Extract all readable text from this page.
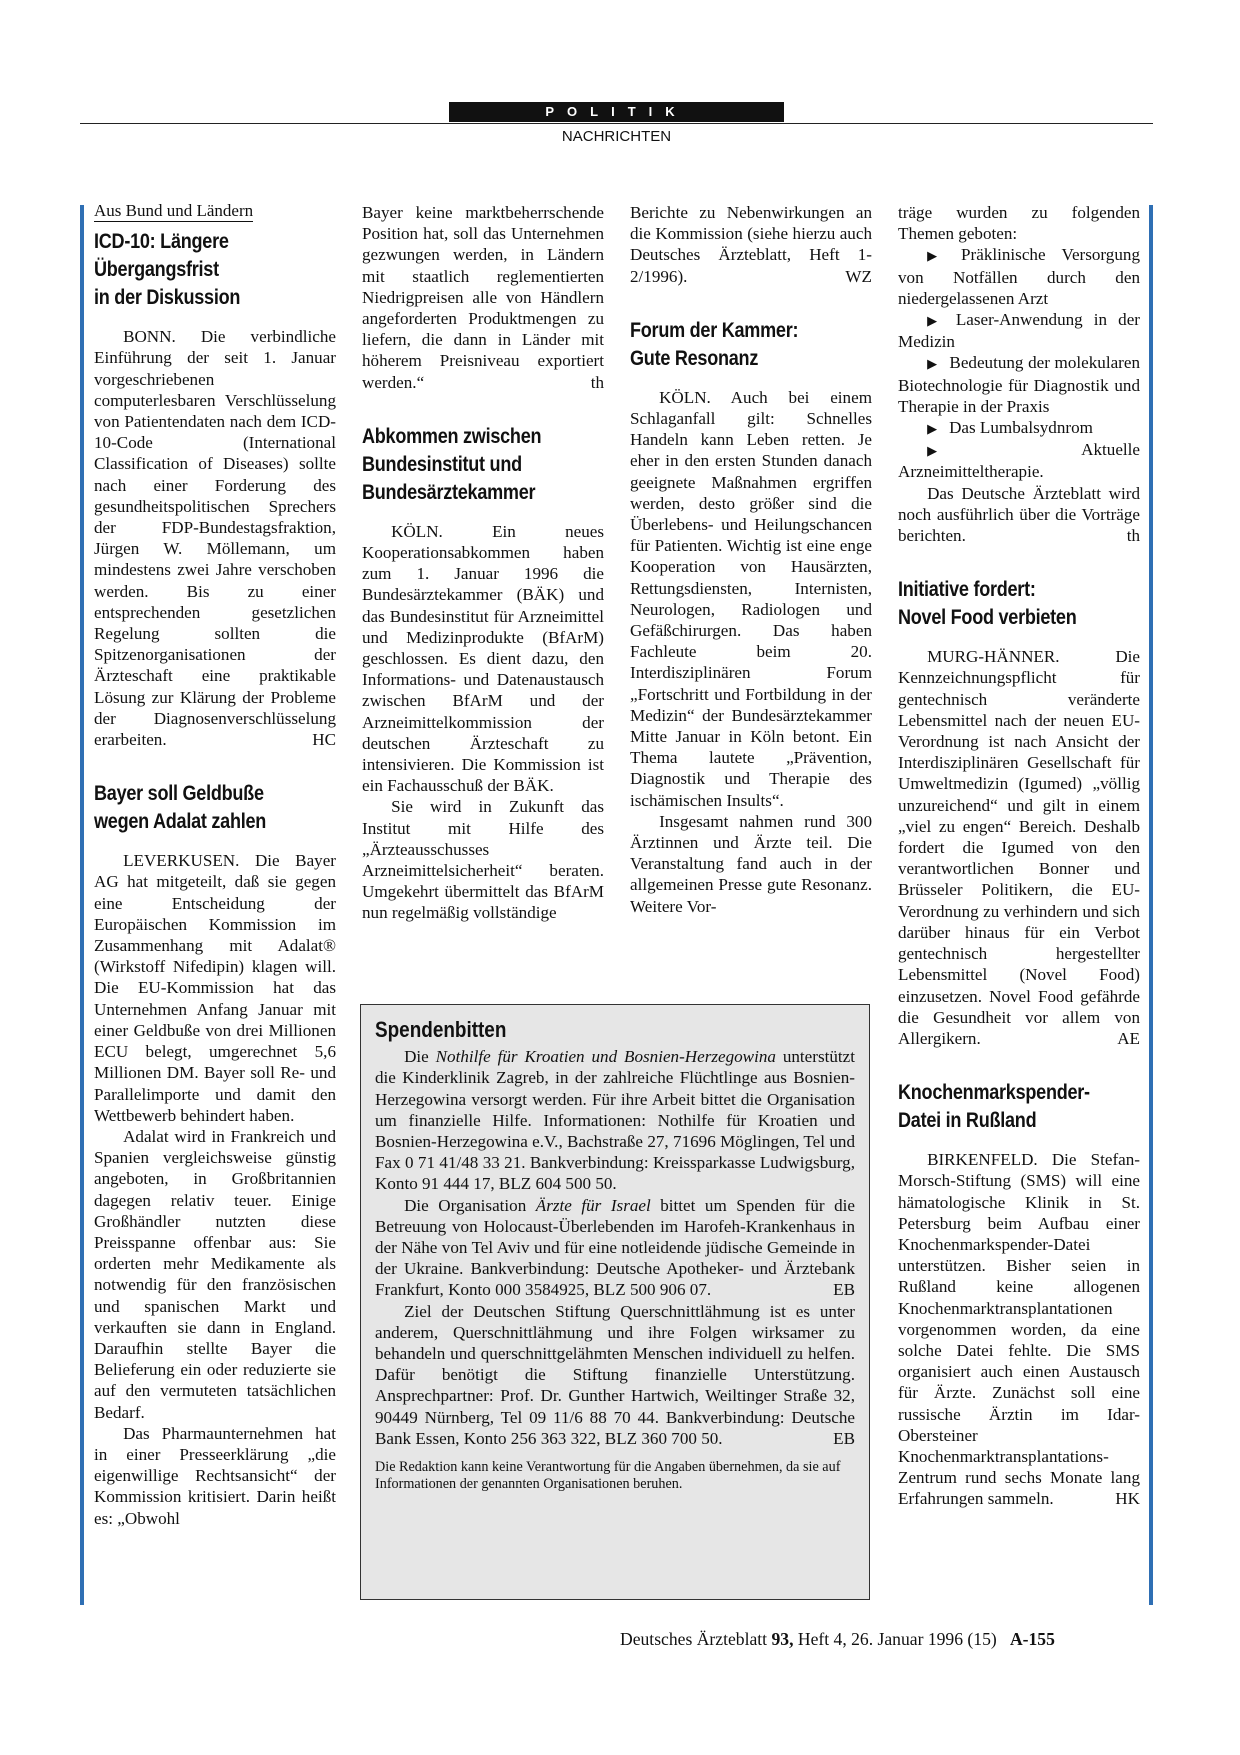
POLITIK
NACHRICHTEN
Aus Bund und Ländern
ICD-10: Längere
Übergangsfrist
in der Diskussion

BONN. Die verbindliche Einführung der seit 1. Januar vorgeschriebenen computerlesbaren Verschlüsselung von Patientendaten nach dem ICD-10-Code (International Classification of Diseases) sollte nach einer Forderung des gesundheitspolitischen Sprechers der FDP-Bundestagsfraktion, Jürgen W. Möllemann, um mindestens zwei Jahre verschoben werden. Bis zu einer entsprechenden gesetzlichen Regelung sollten die Spitzenorganisationen der Ärzteschaft eine praktikable Lösung zur Klärung der Probleme der Diagnosenverschlüsselung erarbeiten.	HC

Bayer soll Geldbuße
wegen Adalat zahlen

LEVERKUSEN. Die Bayer AG hat mitgeteilt, daß sie gegen eine Entscheidung der Europäischen Kommission im Zusammenhang mit Adalat® (Wirkstoff Nifedipin) klagen will. Die EU-Kommission hat das Unternehmen Anfang Januar mit einer Geldbuße von drei Millionen ECU belegt, umgerechnet 5,6 Millionen DM. Bayer soll Re- und Parallelimporte und damit den Wettbewerb behindert haben.

Adalat wird in Frankreich und Spanien vergleichsweise günstig angeboten, in Großbritannien dagegen relativ teuer. Einige Großhändler nutzten diese Preisspanne offenbar aus: Sie orderten mehr Medikamente als notwendig für den französischen und spanischen Markt und verkauften sie dann in England. Daraufhin stellte Bayer die Belieferung ein oder reduzierte sie auf den vermuteten tatsächlichen Bedarf.

Das Pharmaunternehmen hat in einer Presseerklärung „die eigenwillige Rechtsansicht“ der Kommission kritisiert. Darin heißt es: „Obwohl

Bayer keine marktbeherrschende Position hat, soll das Unternehmen gezwungen werden, in Ländern mit staatlich reglementierten Niedrigpreisen alle von Händlern angeforderten Produktmengen zu liefern, die dann in Länder mit höherem Preisniveau exportiert werden.“	th

Abkommen zwischen
Bundesinstitut und
Bundesärztekammer

KÖLN. Ein neues Kooperationsabkommen haben zum 1. Januar 1996 die Bundesärztekammer (BÄK) und das Bundesinstitut für Arzneimittel und Medizinprodukte (BfArM) geschlossen. Es dient dazu, den Informations- und Datenaustausch zwischen BfArM und der Arzneimittelkommission der deutschen Ärzteschaft zu intensivieren. Die Kommission ist ein Fachausschuß der BÄK.

Sie wird in Zukunft das Institut mit Hilfe des „Ärzteausschusses Arzneimittelsicherheit“ beraten. Umgekehrt übermittelt das BfArM nun regelmäßig vollständige

Berichte zu Nebenwirkungen an die Kommission (siehe hierzu auch Deutsches Ärzteblatt, Heft 1-2/1996).	WZ

Forum der Kammer:
Gute Resonanz

KÖLN. Auch bei einem Schlaganfall gilt: Schnelles Handeln kann Leben retten. Je eher in den ersten Stunden danach geeignete Maßnahmen ergriffen werden, desto größer sind die Überlebens- und Heilungschancen für Patienten. Wichtig ist eine enge Kooperation von Hausärzten, Rettungsdiensten, Internisten, Neurologen, Radiologen und Gefäßchirurgen. Das haben Fachleute beim 20. Interdisziplinären Forum „Fortschritt und Fortbildung in der Medizin“ der Bundesärztekammer Mitte Januar in Köln betont. Ein Thema lautete „Prävention, Diagnostik und Therapie des ischämischen Insults“.

Insgesamt nahmen rund 300 Ärztinnen und Ärzte teil. Die Veranstaltung fand auch in der allgemeinen Presse gute Resonanz. Weitere Vor-

träge wurden zu folgenden Themen geboten:

▶ Präklinische Versorgung von Notfällen durch den niedergelassenen Arzt

▶ Laser-Anwendung in der Medizin

▶ Bedeutung der molekularen Biotechnologie für Diagnostik und Therapie in der Praxis

▶ Das Lumbalsydnrom

▶ Aktuelle Arzneimitteltherapie.

Das Deutsche Ärzteblatt wird noch ausführlich über die Vorträge berichten.	th

Initiative fordert:
Novel Food verbieten

MURG-HÄNNER. Die Kennzeichnungspflicht für gentechnisch veränderte Lebensmittel nach der neuen EU-Verordnung ist nach Ansicht der Interdisziplinären Gesellschaft für Umweltmedizin (Igumed) „völlig unzureichend“ und gilt in einem „viel zu engen“ Bereich. Deshalb fordert die Igumed von den verantwortlichen Bonner und Brüsseler Politikern, die EU-Verordnung zu verhindern und sich darüber hinaus für ein Verbot gentechnisch hergestellter Lebensmittel (Novel Food) einzusetzen. Novel Food gefährde die Gesundheit vor allem von Allergikern.	AE

Knochenmarkspender-
Datei in Rußland

BIRKENFELD. Die Stefan-Morsch-Stiftung (SMS) will eine hämatologische Klinik in St. Petersburg beim Aufbau einer Knochenmarkspender-Datei unterstützen. Bisher seien in Rußland keine allogenen Knochenmarktransplantationen vorgenommen worden, da eine solche Datei fehlte. Die SMS organisiert auch einen Austausch für Ärzte. Zunächst soll eine russische Ärztin im Idar-Obersteiner Knochenmarktransplantations-Zentrum rund sechs Monate lang Erfahrungen sammeln.	HK

Spendenbitten

Die Nothilfe für Kroatien und Bosnien-Herzegowina unterstützt die Kinderklinik Zagreb, in der zahlreiche Flüchtlinge aus Bosnien-Herzegowina versorgt werden. Für ihre Arbeit bittet die Organisation um finanzielle Hilfe. Informationen: Nothilfe für Kroatien und Bosnien-Herzegowina e.V., Bachstraße 27, 71696 Möglingen, Tel und Fax 0 71 41/48 33 21. Bankverbindung: Kreissparkasse Ludwigsburg, Konto 91 444 17, BLZ 604 500 50.

Die Organisation Ärzte für Israel bittet um Spenden für die Betreuung von Holocaust-Überlebenden im Harofeh-Krankenhaus in der Nähe von Tel Aviv und für eine notleidende jüdische Gemeinde in der Ukraine. Bankverbindung: Deutsche Apotheker- und Ärztebank Frankfurt, Konto 000 3584925, BLZ 500 906 07.	EB

Ziel der Deutschen Stiftung Querschnittlähmung ist es unter anderem, Querschnittlähmung und ihre Folgen wirksamer zu behandeln und querschnittgelähmten Menschen individuell zu helfen. Dafür benötigt die Stiftung finanzielle Unterstützung. Ansprechpartner: Prof. Dr. Gunther Hartwich, Weiltinger Straße 32, 90449 Nürnberg, Tel 09 11/6 88 70 44. Bankverbindung: Deutsche Bank Essen, Konto 256 363 322, BLZ 360 700 50.	EB

Die Redaktion kann keine Verantwortung für die Angaben übernehmen, da sie auf Informationen der genannten Organisationen beruhen.

Deutsches Ärzteblatt 93, Heft 4, 26. Januar 1996 (15) A-155
